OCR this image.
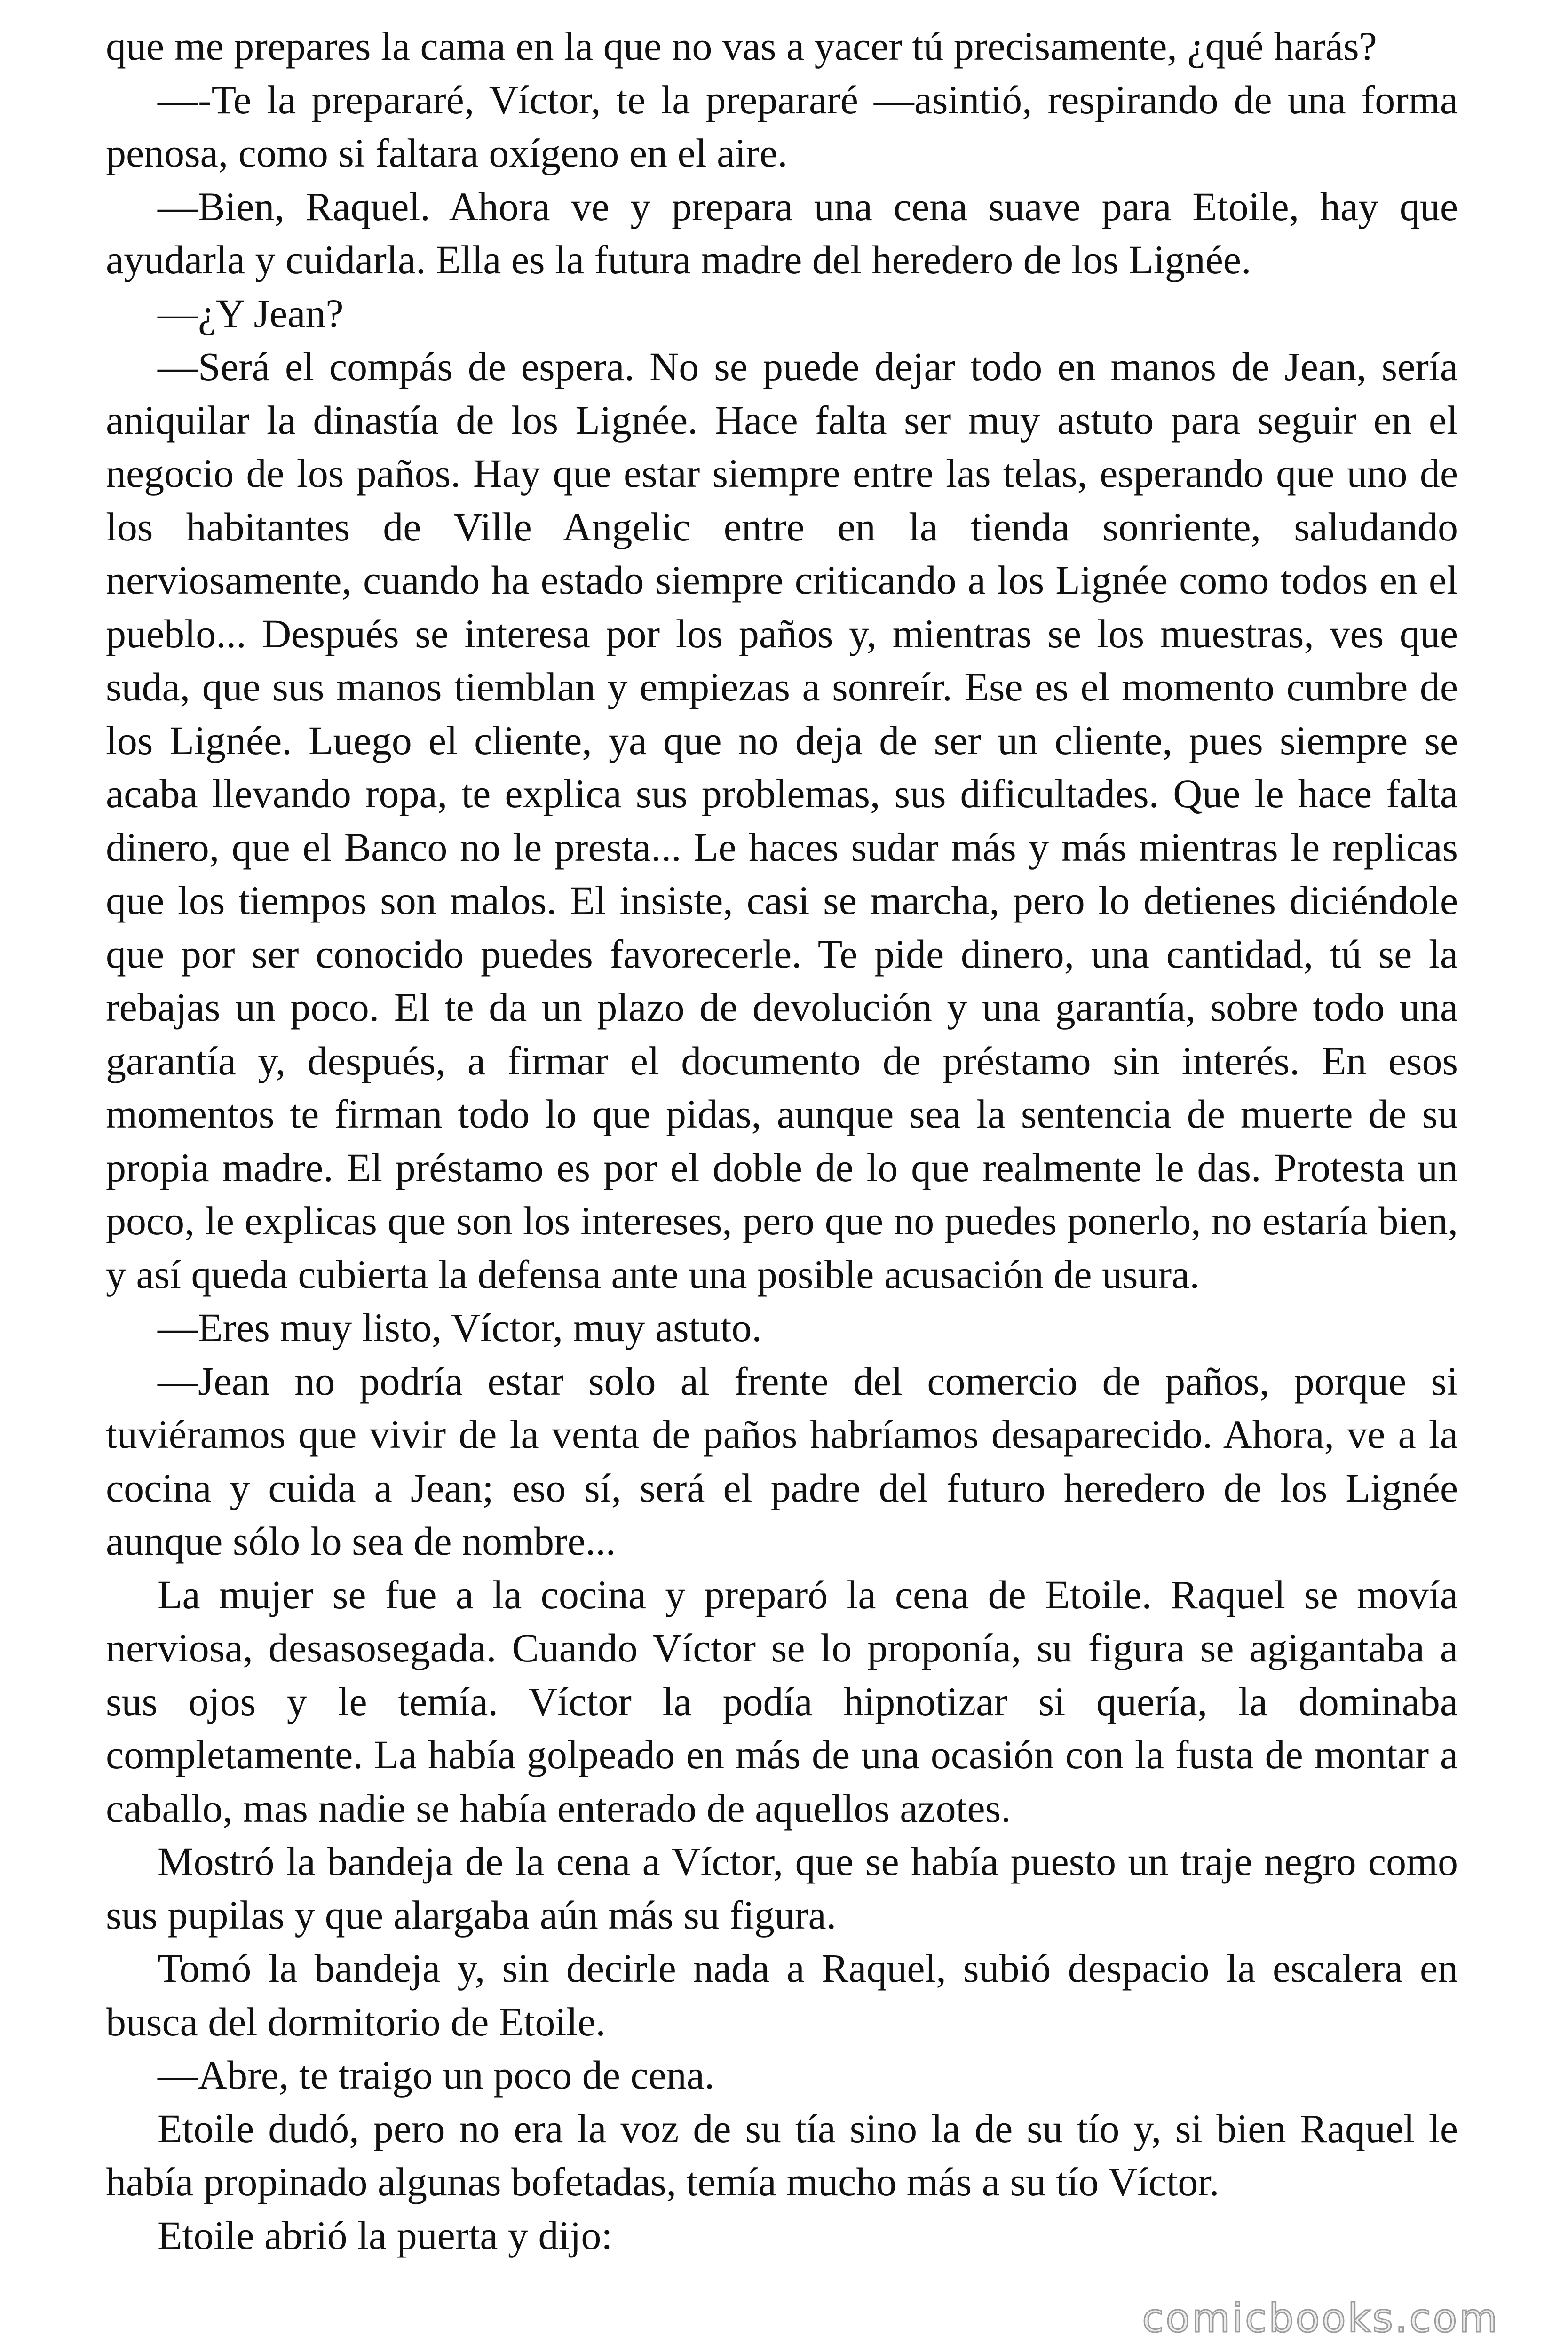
que me prepares la cama en la que no vas a yacer tú precisamente, ¿qué harás?

—-Te la prepararé, Víctor, te la prepararé —asintió, respirando de una forma penosa, como si faltara oxígeno en el aire.

—Bien, Raquel. Ahora ve y prepara una cena suave para Etoile, hay que ayudarla y cuidarla. Ella es la futura madre del heredero de los Lignée.

—¿Y Jean?

—Será el compás de espera. No se puede dejar todo en manos de Jean, sería aniquilar la dinastía de los Lignée. Hace falta ser muy astuto para seguir en el negocio de los paños. Hay que estar siempre entre las telas, esperando que uno de los habitantes de Ville Angelic entre en la tienda sonriente, saludando nerviosamente, cuando ha estado siempre criticando a los Lignée como todos en el pueblo... Después se interesa por los paños y, mientras se los muestras, ves que suda, que sus manos tiemblan y empiezas a sonreír. Ese es el momento cumbre de los Lignée. Luego el cliente, ya que no deja de ser un cliente, pues siempre se acaba llevando ropa, te explica sus problemas, sus dificultades. Que le hace falta dinero, que el Banco no le presta... Le haces sudar más y más mientras le replicas que los tiempos son malos. El insiste, casi se marcha, pero lo detienes diciéndole que por ser conocido puedes favorecerle. Te pide dinero, una cantidad, tú se la rebajas un poco. El te da un plazo de devolución y una garantía, sobre todo una garantía y, después, a firmar el documento de préstamo sin interés. En esos momentos te firman todo lo que pidas, aunque sea la sentencia de muerte de su propia madre. El préstamo es por el doble de lo que realmente le das. Protesta un poco, le explicas que son los intereses, pero que no puedes ponerlo, no estaría bien, y así queda cubierta la defensa ante una posible acusación de usura.

—Eres muy listo, Víctor, muy astuto.

—Jean no podría estar solo al frente del comercio de paños, porque si tuviéramos que vivir de la venta de paños habríamos desaparecido. Ahora, ve a la cocina y cuida a Jean; eso sí, será el padre del futuro heredero de los Lignée aunque sólo lo sea de nombre...

La mujer se fue a la cocina y preparó la cena de Etoile. Raquel se movía nerviosa, desasosegada. Cuando Víctor se lo proponía, su figura se agigantaba a sus ojos y le temía. Víctor la podía hipnotizar si quería, la dominaba completamente. La había golpeado en más de una ocasión con la fusta de montar a caballo, mas nadie se había enterado de aquellos azotes.

Mostró la bandeja de la cena a Víctor, que se había puesto un traje negro como sus pupilas y que alargaba aún más su figura.

Tomó la bandeja y, sin decirle nada a Raquel, subió despacio la escalera en busca del dormitorio de Etoile.

—Abre, te traigo un poco de cena.

Etoile dudó, pero no era la voz de su tía sino la de su tío y, si bien Raquel le había propinado algunas bofetadas, temía mucho más a su tío Víctor.

Etoile abrió la puerta y dijo:

comicbooks.com
